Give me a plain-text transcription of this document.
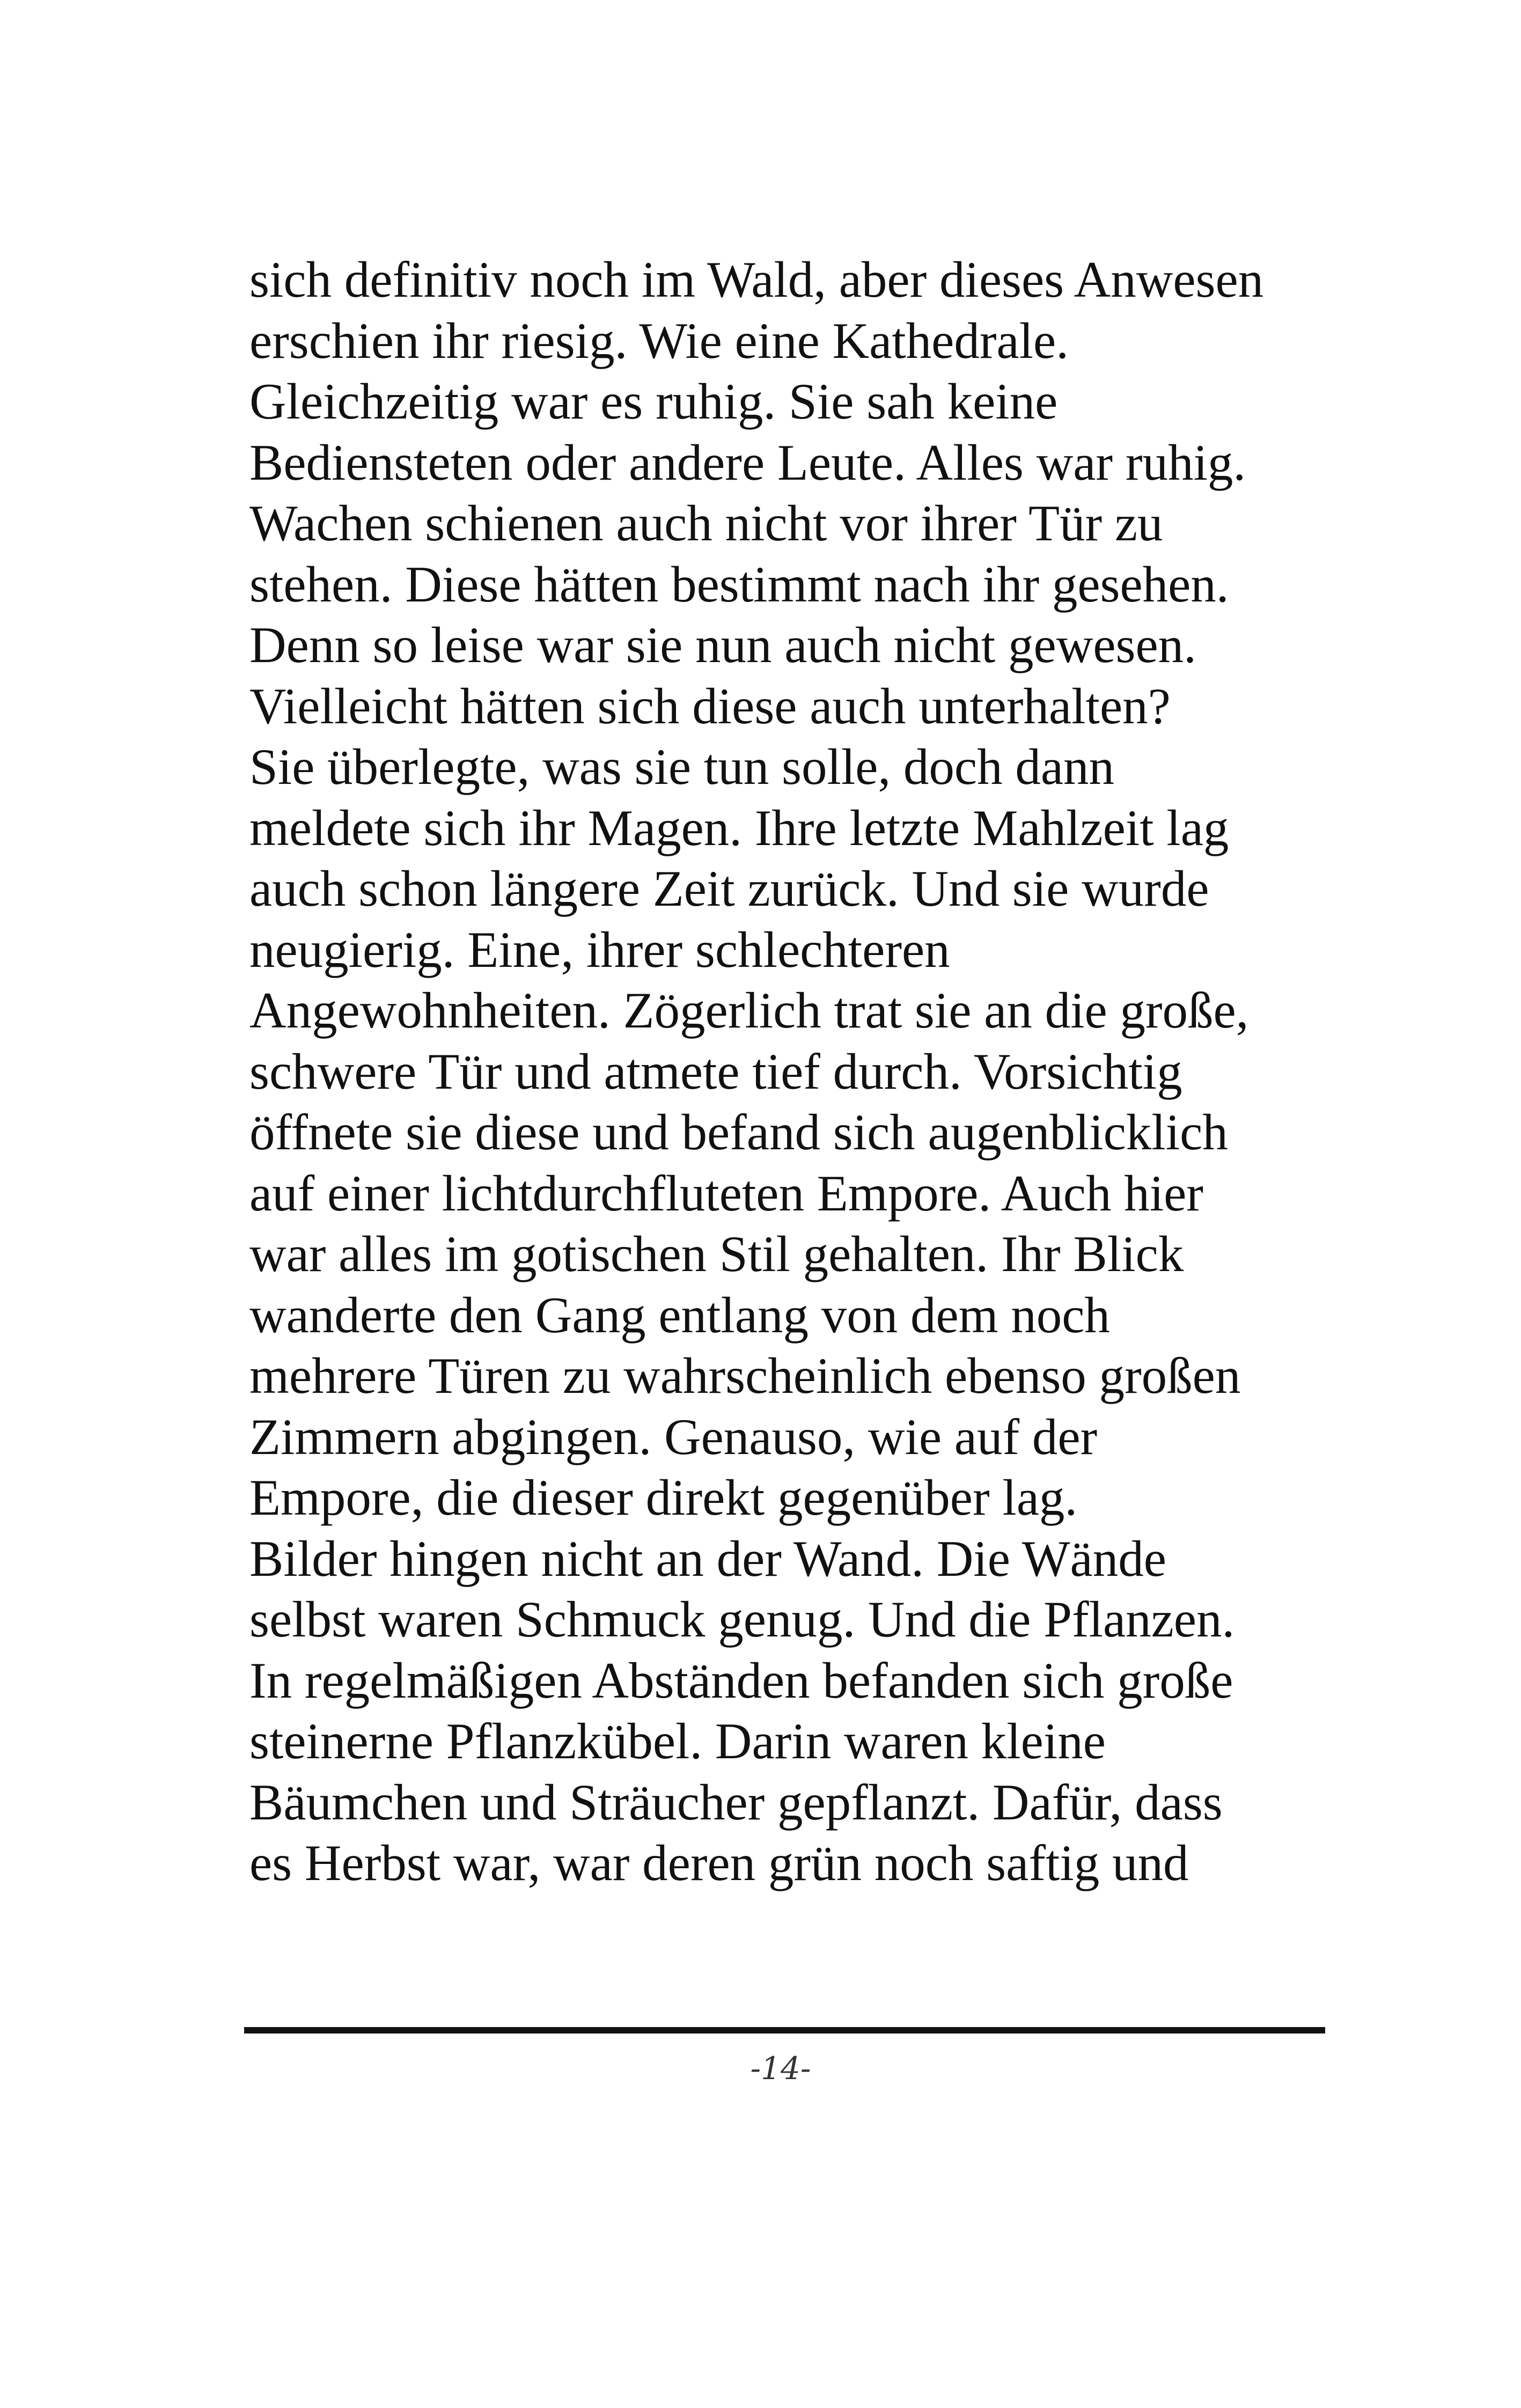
sich definitiv noch im Wald, aber dieses Anwesen
erschien ihr riesig. Wie eine Kathedrale.
Gleichzeitig war es ruhig. Sie sah keine
Bediensteten oder andere Leute. Alles war ruhig.
Wachen schienen auch nicht vor ihrer Tür zu
stehen. Diese hätten bestimmt nach ihr gesehen.
Denn so leise war sie nun auch nicht gewesen.
Vielleicht hätten sich diese auch unterhalten?
Sie überlegte, was sie tun solle, doch dann
meldete sich ihr Magen. Ihre letzte Mahlzeit lag
auch schon längere Zeit zurück. Und sie wurde
neugierig. Eine, ihrer schlechteren
Angewohnheiten. Zögerlich trat sie an die große,
schwere Tür und atmete tief durch. Vorsichtig
öffnete sie diese und befand sich augenblicklich
auf einer lichtdurchfluteten Empore. Auch hier
war alles im gotischen Stil gehalten. Ihr Blick
wanderte den Gang entlang von dem noch
mehrere Türen zu wahrscheinlich ebenso großen
Zimmern abgingen. Genauso, wie auf der
Empore, die dieser direkt gegenüber lag.
Bilder hingen nicht an der Wand. Die Wände
selbst waren Schmuck genug. Und die Pflanzen.
In regelmäßigen Abständen befanden sich große
steinerne Pflanzkübel. Darin waren kleine
Bäumchen und Sträucher gepflanzt. Dafür, dass
es Herbst war, war deren grün noch saftig und
-14-
